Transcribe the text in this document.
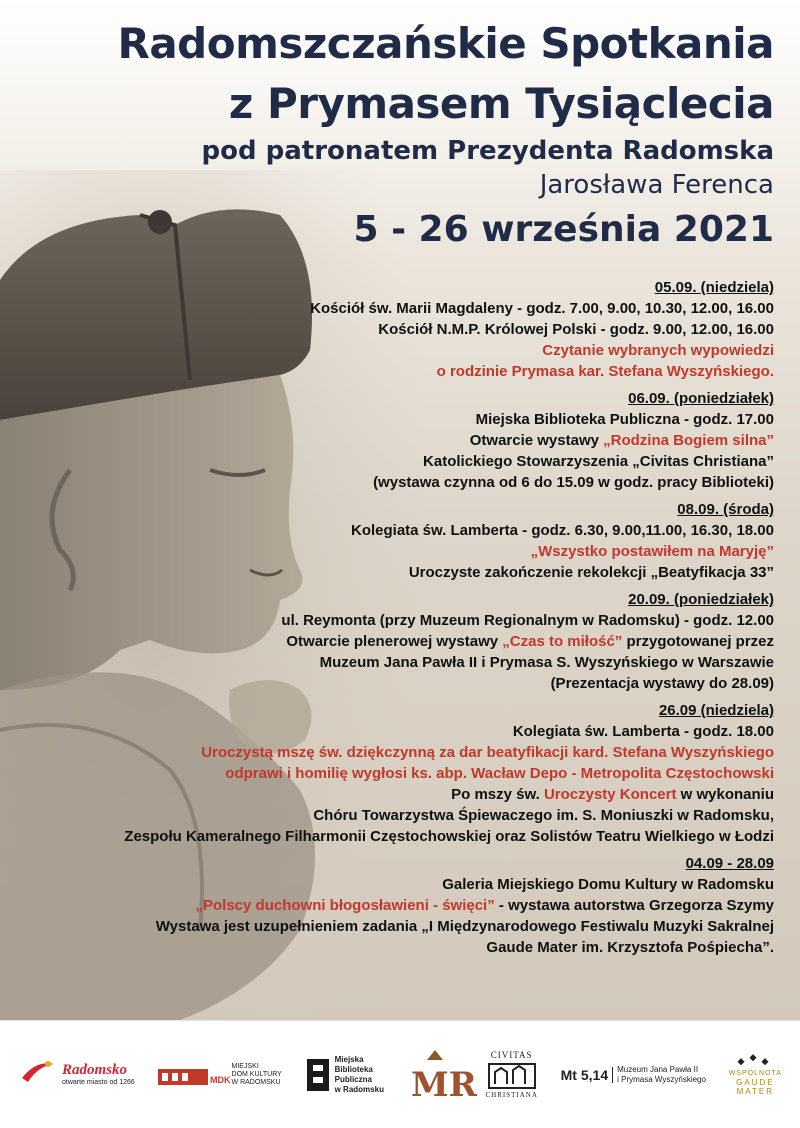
Radomszczańskie Spotkania
z Prymasem Tysiąclecia
pod patronatem Prezydenta Radomska
Jarosława Ferenca
5 - 26 września 2021
05.09. (niedziela)
Kościół św. Marii Magdaleny - godz. 7.00, 9.00, 10.30, 12.00, 16.00
Kościół N.M.P. Królowej Polski - godz. 9.00, 12.00, 16.00
Czytanie wybranych wypowiedzi
o rodzinie Prymasa kar. Stefana Wyszyńskiego.
06.09. (poniedziałek)
Miejska Biblioteka Publiczna - godz. 17.00
Otwarcie wystawy „Rodzina Bogiem silna”
Katolickiego Stowarzyszenia „Civitas Christiana”
(wystawa czynna od 6 do 15.09 w godz. pracy Biblioteki)
08.09. (środa)
Kolegiata św. Lamberta - godz. 6.30, 9.00,11.00, 16.30, 18.00
„Wszystko postawiłem na Maryję”
Uroczyste zakończenie rekolekcji „Beatyfikacja 33”
20.09. (poniedziałek)
ul. Reymonta (przy Muzeum Regionalnym w Radomsku) - godz. 12.00
Otwarcie plenerowej wystawy „Czas to miłość” przygotowanej przez
Muzeum Jana Pawła II i Prymasa S. Wyszyńskiego w Warszawie
(Prezentacja wystawy do 28.09)
26.09 (niedziela)
Kolegiata św. Lamberta - godz. 18.00
Uroczystą mszę św. dziękczynną za dar beatyfikacji kard. Stefana Wyszyńskiego
odprawi i homilię wygłosi ks. abp. Wacław Depo - Metropolita Częstochowski
Po mszy św. Uroczysty Koncert w wykonaniu
Chóru Towarzystwa Śpiewaczego im. S. Moniuszki w Radomsku,
Zespołu Kameralnego Filharmonii Częstochowskiej oraz Solistów Teatru Wielkiego w Łodzi
04.09 - 28.09
Galeria Miejskiego Domu Kultury w Radomsku
„Polscy duchowni błogosławieni - święci” - wystawa autorstwa Grzegorza Szymy
Wystawa jest uzupełnieniem zadania „I Międzynarodowego Festiwalu Muzyki Sakralnej
Gaude Mater im. Krzysztofa Pośpiecha”.
Radomsko
otwarte miasto od 1266	MDK
MIEJSKI
DOM KULTURY
W RADOMSKU
Miejska
Biblioteka
Publiczna
w Radomsku MR
CIVITAS
CHRISTIANA
Mt 5,14	Muzeum Jana Pawła II
i Prymasa Wyszyńskiego
WSPÓLNOTA
GAUDE
MATER
